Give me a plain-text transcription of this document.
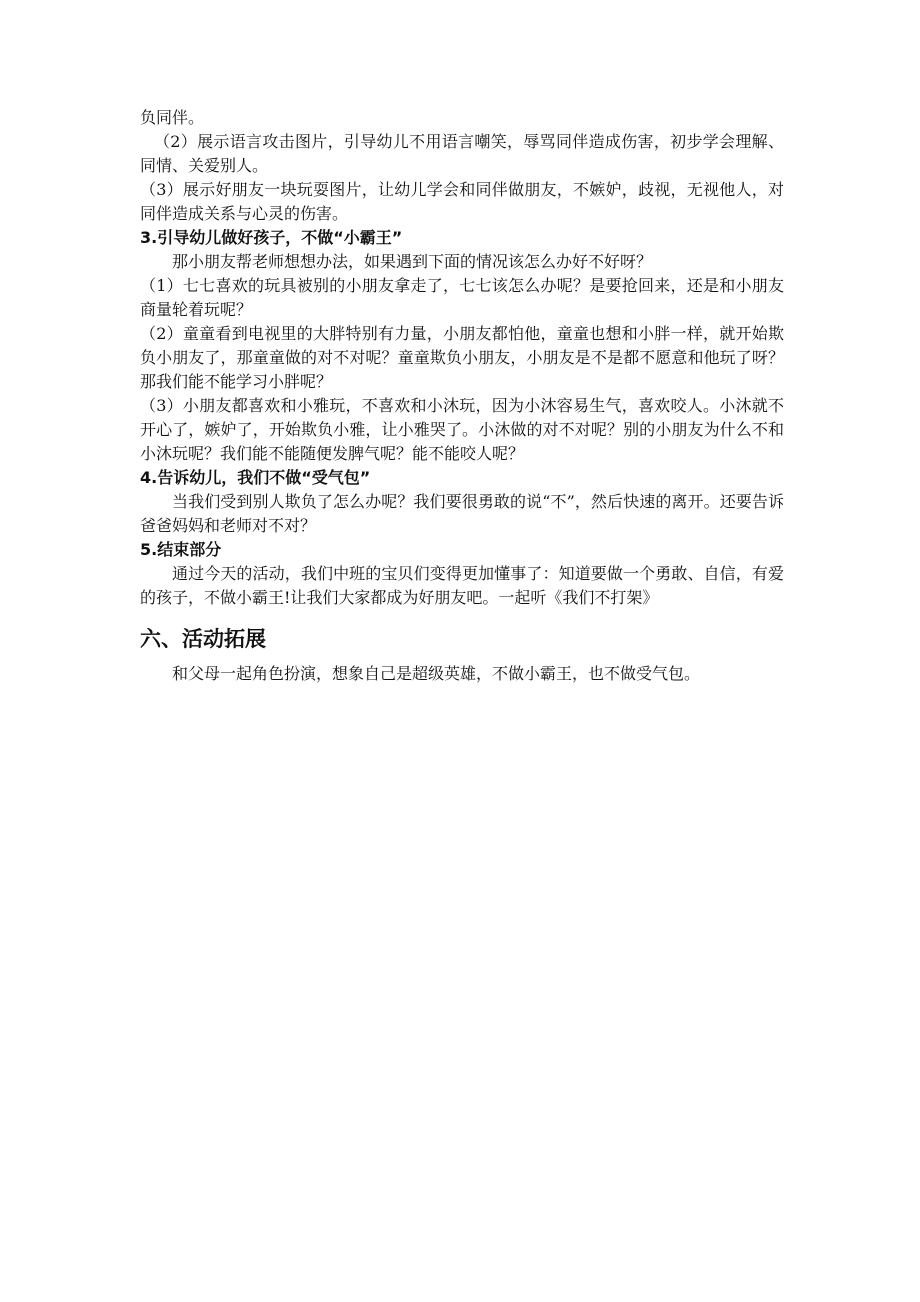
负同伴。

（2）展示语言攻击图片，引导幼儿不用语言嘲笑，辱骂同伴造成伤害，初步学会理解、同情、关爱别人。

（3）展示好朋友一块玩耍图片，让幼儿学会和同伴做朋友，不嫉妒，歧视，无视他人，对同伴造成关系与心灵的伤害。

3.引导幼儿做好孩子，不做“小霸王”

那小朋友帮老师想想办法，如果遇到下面的情况该怎么办好不好呀？

（1）七七喜欢的玩具被别的小朋友拿走了，七七该怎么办呢？是要抢回来，还是和小朋友商量轮着玩呢？

（2）童童看到电视里的大胖特别有力量，小朋友都怕他，童童也想和小胖一样，就开始欺负小朋友了，那童童做的对不对呢？童童欺负小朋友，小朋友是不是都不愿意和他玩了呀？那我们能不能学习小胖呢？

（3）小朋友都喜欢和小雅玩，不喜欢和小沐玩，因为小沐容易生气，喜欢咬人。小沐就不开心了，嫉妒了，开始欺负小雅，让小雅哭了。小沐做的对不对呢？别的小朋友为什么不和小沐玩呢？我们能不能随便发脾气呢？能不能咬人呢？

4.告诉幼儿，我们不做“受气包”

当我们受到别人欺负了怎么办呢？我们要很勇敢的说“不”，然后快速的离开。还要告诉爸爸妈妈和老师对不对？

5.结束部分

通过今天的活动，我们中班的宝贝们变得更加懂事了：知道要做一个勇敢、自信，有爱的孩子，不做小霸王!让我们大家都成为好朋友吧。一起听《我们不打架》

六、活动拓展

和父母一起角色扮演，想象自己是超级英雄，不做小霸王，也不做受气包。
